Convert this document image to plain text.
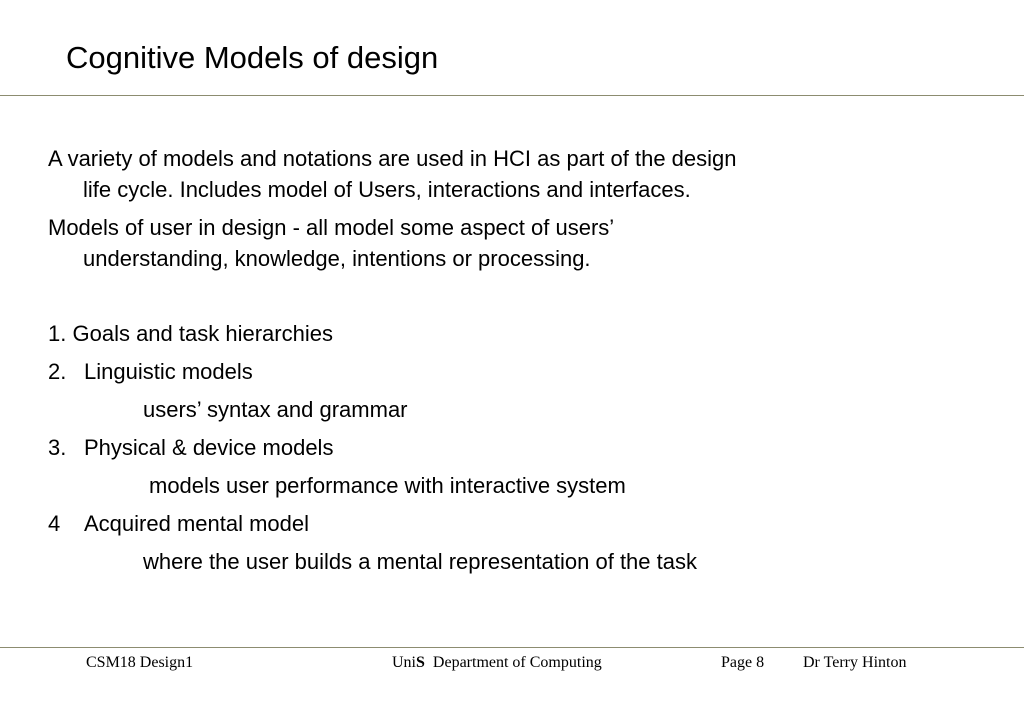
Cognitive Models of design

A variety of models and notations are used in HCI as part of the design
life cycle. Includes model of Users, interactions and interfaces.

Models of user in design - all model some aspect of users’
understanding, knowledge, intentions or processing.

1. Goals and task hierarchies

2. Linguistic models

users’ syntax and grammar

3. Physical & device models

models user performance with interactive system

4 Acquired mental model

where the user builds a mental representation of the task

CSM18 Design1	UniS Department of Computing	Page 8 Dr Terry Hinton
